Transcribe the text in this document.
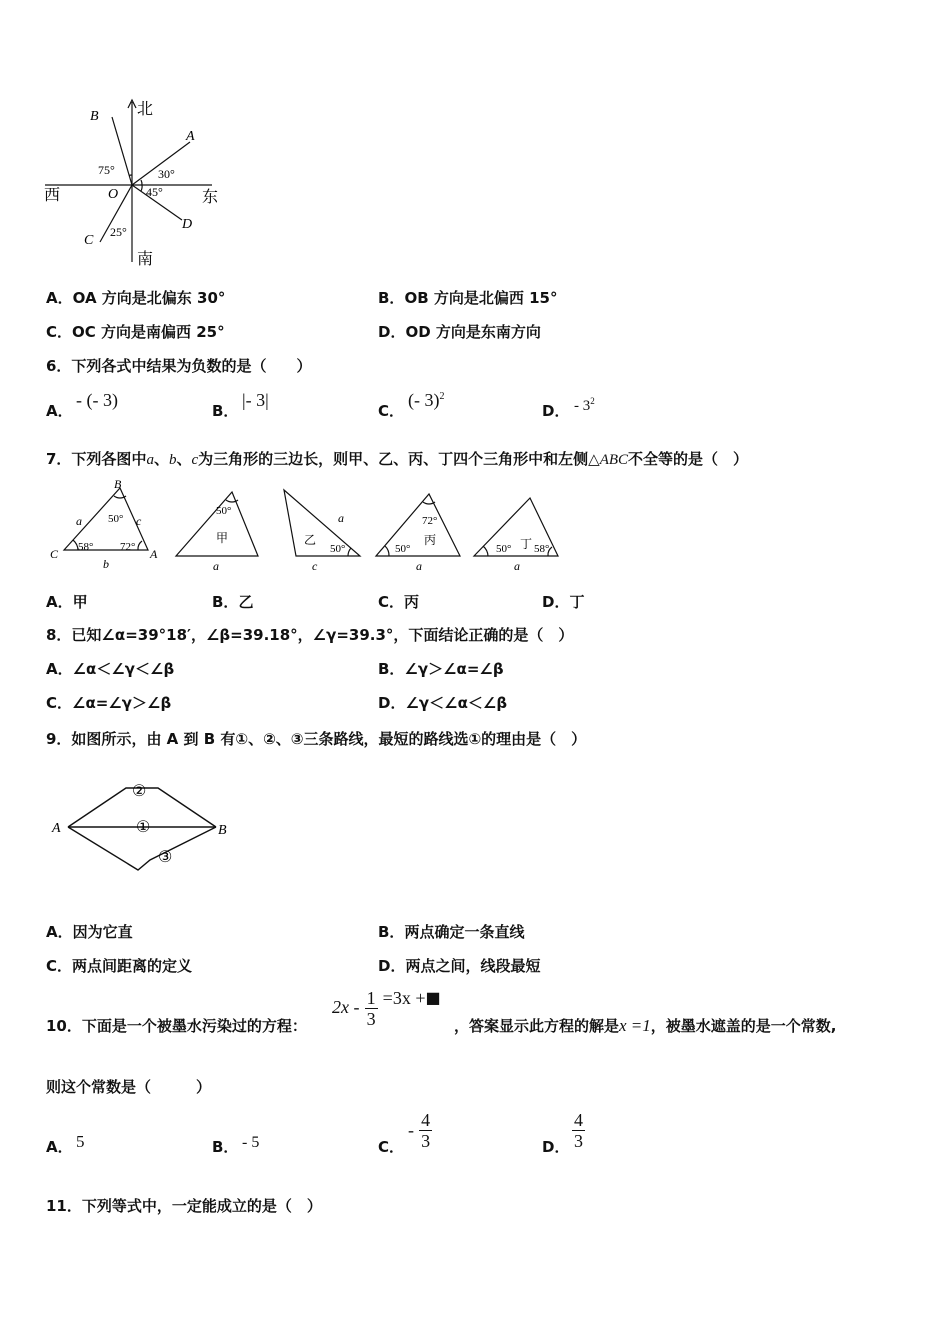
北
南
西	东
A
B
C
D
O
75°	30°
45°
25°
A．OA 方向是北偏东 30°	B．OB 方向是北偏西 15°
C．OC 方向是南偏西 25°	D．OD 方向是东南方向
6．下列各式中结果为负数的是（　　）
A．
- (- 3)
B．
|- 3|
C．
(- 3)$^2$
D． - $3^2$
7．下列各图中a、b、c为三角形的三边长，则甲、乙、丙、丁四个三角形中和左侧△ABC不全等的是（　）
B
C	A
a
b
c
50°
58° 72°
50°
甲
a
乙
50°
a
c
72°
丙
50°
a
50° 丁 58°
a
A．甲	B．乙	C．丙	D．丁
8．已知∠α=39°18′，∠β=39.18°，∠γ=39.3°，下面结论正确的是（　）
A．∠α＜∠γ＜∠β	B．∠γ＞∠α=∠β
C．∠α=∠γ＞∠β	D．∠γ＜∠α＜∠β
9．如图所示，由 A 到 B 有①、②、③三条路线，最短的路线选①的理由是（　）
A	B
①
②
③
A．因为它直	B．两点确定一条直线
C．两点间距离的定义	D．两点之间，线段最短
10．下面是一个被墨水污染过的方程：
$2x - \frac{1}{3} =3x$ +■
，答案显示此方程的解是x =1，被墨水遮盖的是一个常数,
则这个常数是（　　　）
A． 5	B． - 5	C．
- $\frac{4}{3}$	D． $\frac{4}{3}$
11．下列等式中，一定能成立的是（　）
